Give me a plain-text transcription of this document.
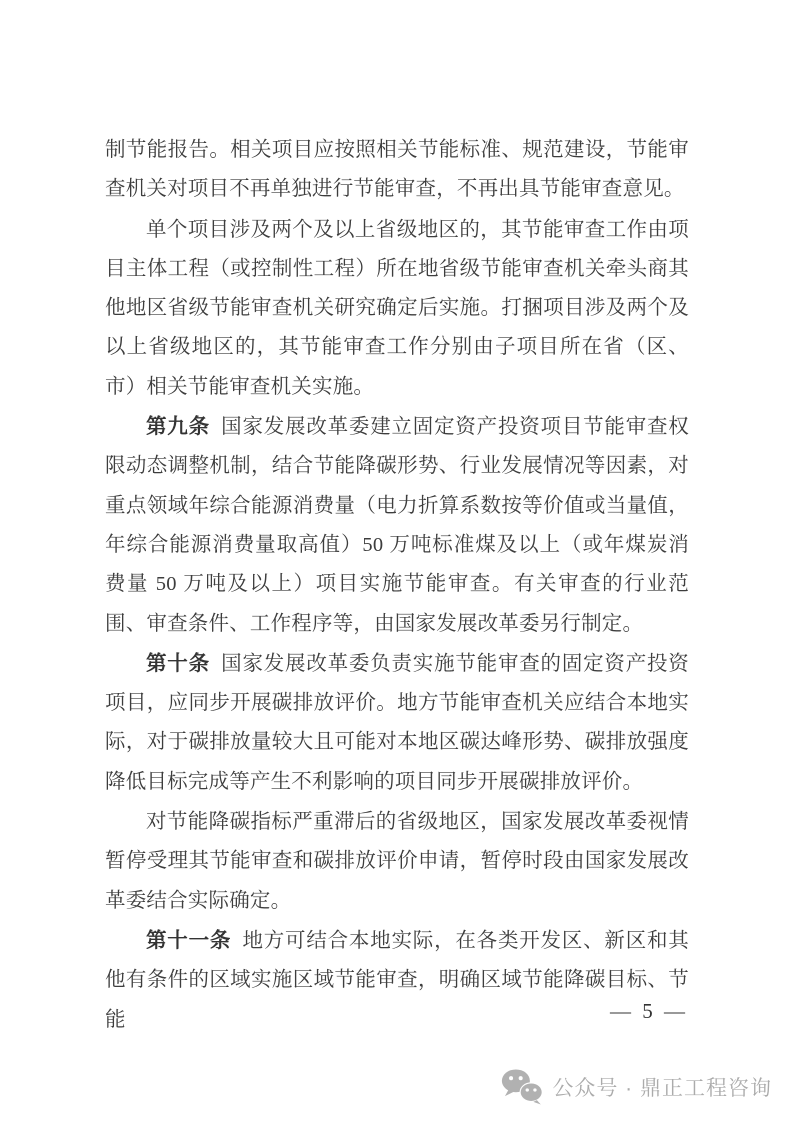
制节能报告。相关项目应按照相关节能标准、规范建设，节能审查机关对项目不再单独进行节能审查，不再出具节能审查意见。

单个项目涉及两个及以上省级地区的，其节能审查工作由项目主体工程（或控制性工程）所在地省级节能审查机关牵头商其他地区省级节能审查机关研究确定后实施。打捆项目涉及两个及以上省级地区的，其节能审查工作分别由子项目所在省（区、市）相关节能审查机关实施。

第九条 国家发展改革委建立固定资产投资项目节能审查权限动态调整机制，结合节能降碳形势、行业发展情况等因素，对重点领域年综合能源消费量（电力折算系数按等价值或当量值，年综合能源消费量取高值）50 万吨标准煤及以上（或年煤炭消费量 50 万吨及以上）项目实施节能审查。有关审查的行业范围、审查条件、工作程序等，由国家发展改革委另行制定。

第十条 国家发展改革委负责实施节能审查的固定资产投资项目，应同步开展碳排放评价。地方节能审查机关应结合本地实际，对于碳排放量较大且可能对本地区碳达峰形势、碳排放强度降低目标完成等产生不利影响的项目同步开展碳排放评价。

对节能降碳指标严重滞后的省级地区，国家发展改革委视情暂停受理其节能审查和碳排放评价申请，暂停时段由国家发展改革委结合实际确定。

第十一条 地方可结合本地实际，在各类开发区、新区和其他有条件的区域实施区域节能审查，明确区域节能降碳目标、节能	— 5 —
公众号 · 鼎正工程咨询
